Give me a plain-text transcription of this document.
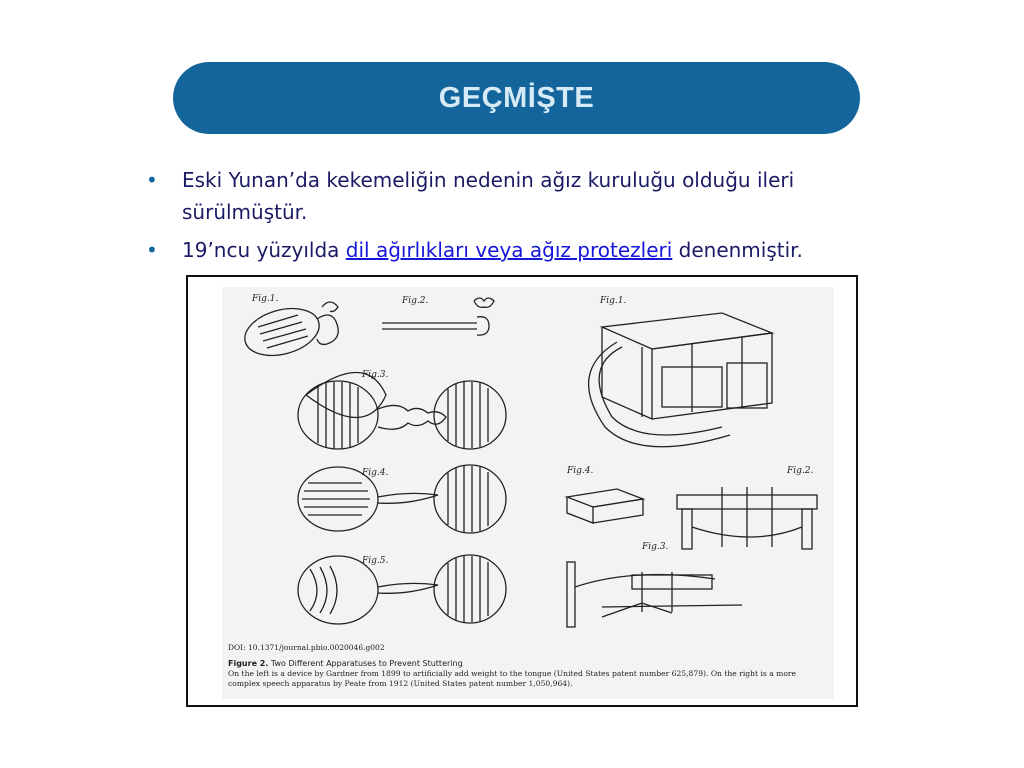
GEÇMİŞTE
• Eski Yunan’da kekemeliğin nedenin ağız kuruluğu olduğu ileri sürülmüştür.
• 19’ncu yüzyılda dil ağırlıkları veya ağız protezleri denenmiştir.
Fig.1.	Fig.2.
Fig.3.
Fig.4.
Fig.5.
Fig.1.
Fig.4.	Fig.2.
Fig.3.
DOI: 10.1371/journal.pbio.0020046.g002
Figure 2. Two Different Apparatuses to Prevent Stuttering
On the left is a device by Gardner from 1899 to artificially add weight to the tongue (United States patent number 625,879). On the right is a more complex speech apparatus by Peate from 1912 (United States patent number 1,050,964).
